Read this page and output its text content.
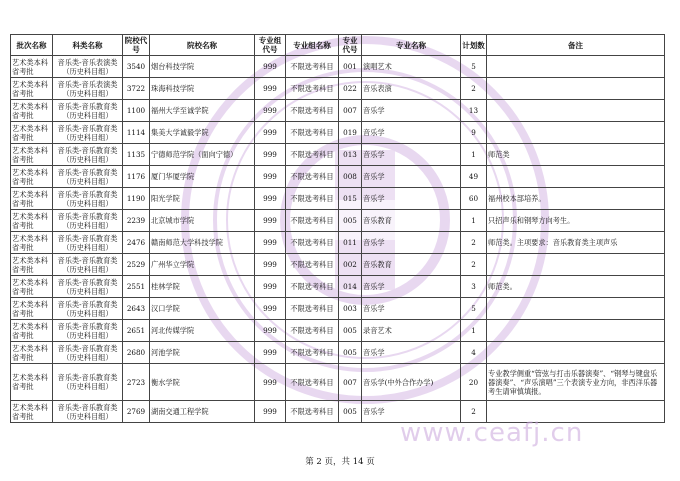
批次名称	科类名称	院校代号	院校名称	专业组代号	专业组名称	专业代号	专业名称	计划数	备注
艺术类本科省考批	音乐类-音乐表演类（历史科目组）	3540	烟台科技学院	999	不限选考科目	001	演唱艺术	5	
艺术类本科省考批	音乐类-音乐表演类（历史科目组）	3722	珠海科技学院	999	不限选考科目	022	音乐表演	2	
艺术类本科省考批	音乐类-音乐教育类（历史科目组）	1100	福州大学至诚学院	999	不限选考科目	007	音乐学	13	
艺术类本科省考批	音乐类-音乐教育类（历史科目组）	1114	集美大学诚毅学院	999	不限选考科目	019	音乐学	9	
艺术类本科省考批	音乐类-音乐教育类（历史科目组）	1135	宁德师范学院（面向宁德）	999	不限选考科目	013	音乐学	1	师范类
艺术类本科省考批	音乐类-音乐教育类（历史科目组）	1176	厦门华厦学院	999	不限选考科目	008	音乐学	49	
艺术类本科省考批	音乐类-音乐教育类（历史科目组）	1190	阳光学院	999	不限选考科目	015	音乐学	60	福州校本部培养。
艺术类本科省考批	音乐类-音乐教育类（历史科目组）	2239	北京城市学院	999	不限选考科目	005	音乐教育	1	只招声乐和钢琴方向考生。
艺术类本科省考批	音乐类-音乐教育类（历史科目组）	2476	赣南师范大学科技学院	999	不限选考科目	011	音乐学	2	师范类。主项要求：音乐教育类主项声乐
艺术类本科省考批	音乐类-音乐教育类（历史科目组）	2529	广州华立学院	999	不限选考科目	002	音乐教育	2	
艺术类本科省考批	音乐类-音乐教育类（历史科目组）	2551	桂林学院	999	不限选考科目	014	音乐学	3	师范类。
艺术类本科省考批	音乐类-音乐教育类（历史科目组）	2643	汉口学院	999	不限选考科目	003	音乐学	5	
艺术类本科省考批	音乐类-音乐教育类（历史科目组）	2651	河北传媒学院	999	不限选考科目	005	录音艺术	1	
艺术类本科省考批	音乐类-音乐教育类（历史科目组）	2680	河池学院	999	不限选考科目	005	音乐学	4	
艺术类本科省考批	音乐类-音乐教育类（历史科目组）	2723	衡水学院	999	不限选考科目	007	音乐学(中外合作办学)	20	专业教学侧重“管弦与打击乐器演奏”、“钢琴与键盘乐器演奏”、“声乐演唱”三个表演专业方向，非西洋乐器考生请审慎填报。
艺术类本科省考批	音乐类-音乐教育类（历史科目组）	2769	湖南交通工程学院	999	不限选考科目	005	音乐学	2	
www.ceafj.cn
第 2 页，共 14 页
